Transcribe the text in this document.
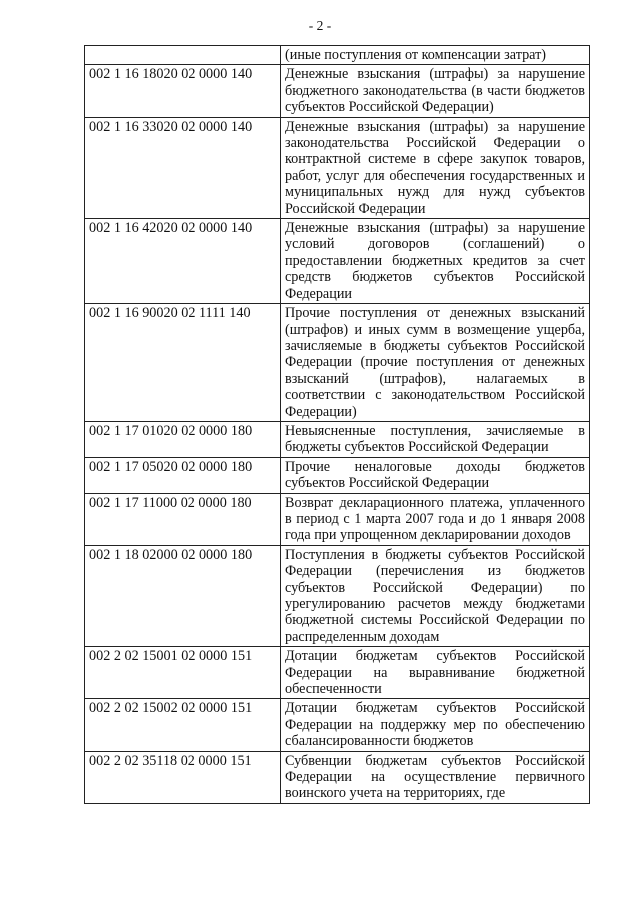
- 2 -
	(иные поступления от компенсации затрат)
002 1 16 18020 02 0000 140	Денежные взыскания (штрафы) за нарушение бюджетного законодательства (в части бюджетов субъектов Российской Федерации)
002 1 16 33020 02 0000 140	Денежные взыскания (штрафы) за нарушение законодательства Российской Федерации о контрактной системе в сфере закупок товаров, работ, услуг для обеспечения государственных и муниципальных нужд для нужд субъектов Российской Федерации
002 1 16 42020 02 0000 140	Денежные взыскания (штрафы) за нарушение условий договоров (соглашений) о предоставлении бюджетных кредитов за счет средств бюджетов субъектов Российской Федерации
002 1 16 90020 02 1111 140	Прочие поступления от денежных взысканий (штрафов) и иных сумм в возмещение ущерба, зачисляемые в бюджеты субъектов Российской Федерации (прочие поступления от денежных взысканий (штрафов), налагаемых в соответствии с законодательством Российской Федерации)
002 1 17 01020 02 0000 180	Невыясненные поступления, зачисляемые в бюджеты субъектов Российской Федерации
002 1 17 05020 02 0000 180	Прочие неналоговые доходы бюджетов субъектов Российской Федерации
002 1 17 11000 02 0000 180	Возврат декларационного платежа, уплаченного в период с 1 марта 2007 года и до 1 января 2008 года при упрощенном декларировании доходов
002 1 18 02000 02 0000 180	Поступления в бюджеты субъектов Российской Федерации (перечисления из бюджетов субъектов Российской Федерации) по урегулированию расчетов между бюджетами бюджетной системы Российской Федерации по распределенным доходам
002 2 02 15001 02 0000 151	Дотации бюджетам субъектов Российской Федерации на выравнивание бюджетной обеспеченности
002 2 02 15002 02 0000 151	Дотации бюджетам субъектов Российской Федерации на поддержку мер по обеспечению сбалансированности бюджетов
002 2 02 35118 02 0000 151	Субвенции бюджетам субъектов Российской Федерации на осуществление первичного воинского учета на территориях, где
